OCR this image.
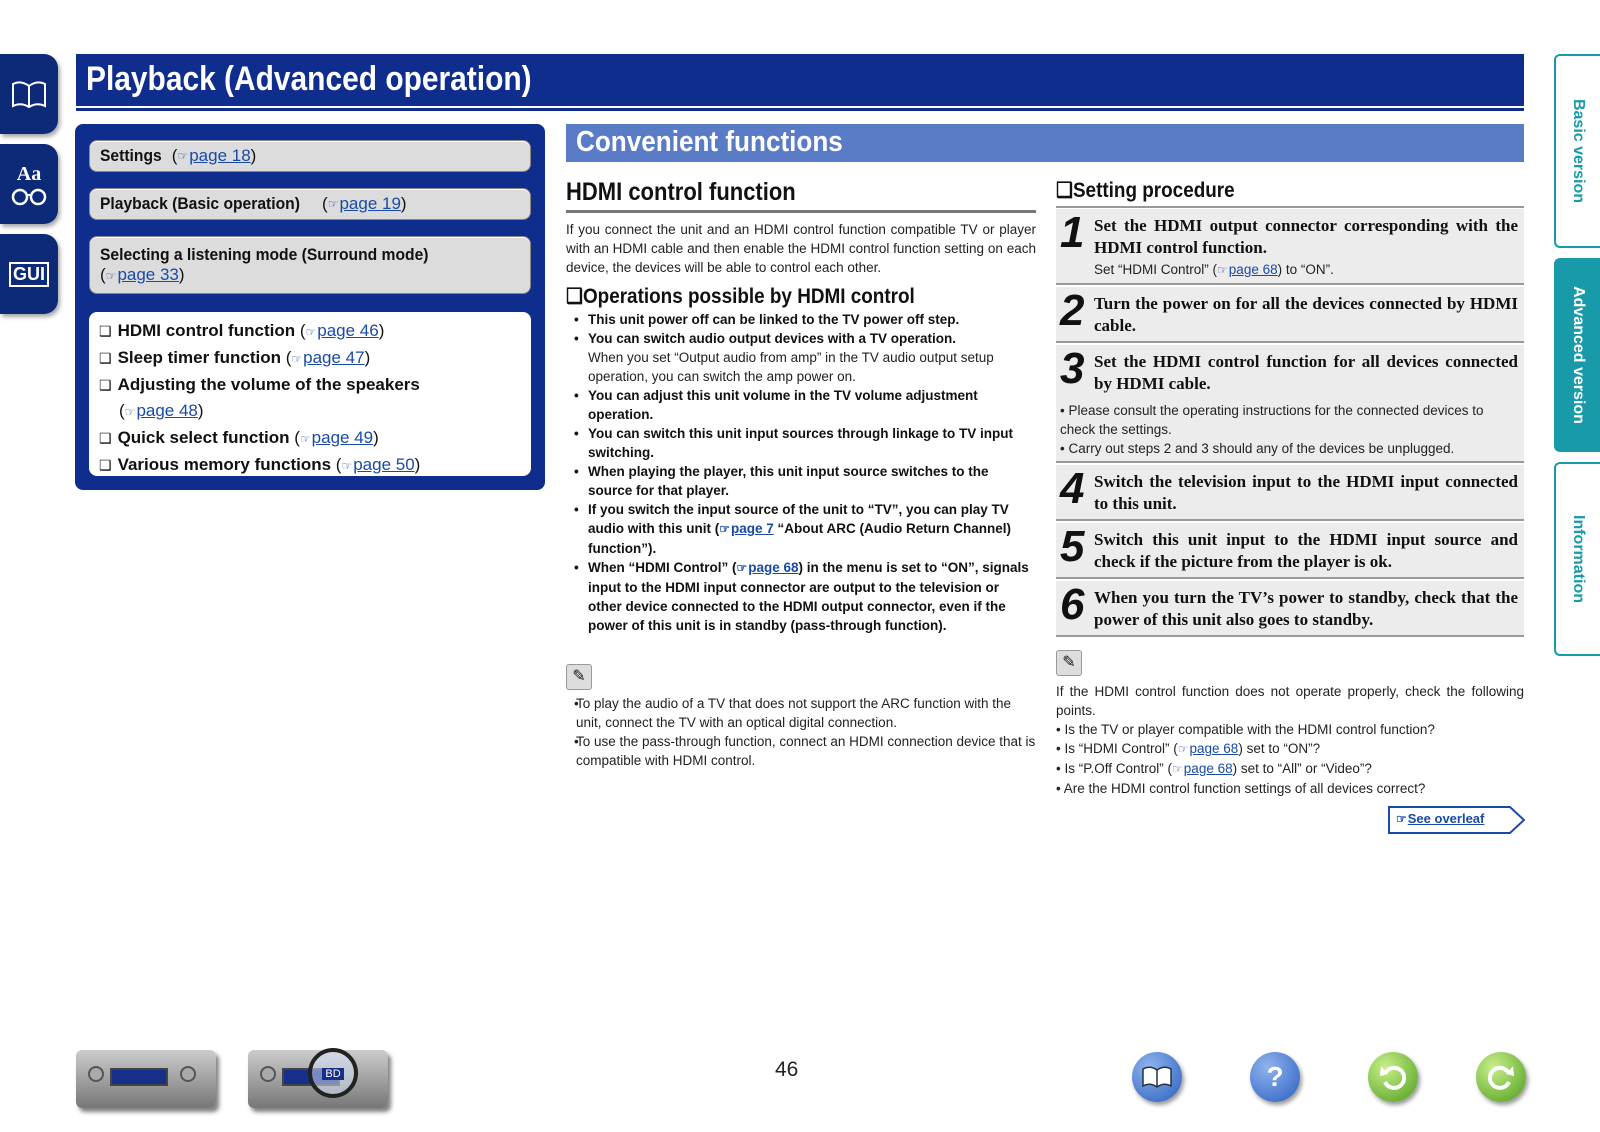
Aa
GUI
Playback (Advanced operation)
Settings ( ☞ page 18 )
Playback (Basic operation) ( ☞ page 19 )
Selecting a listening mode (Surround mode)
(☞page 33)
❑ HDMI control function (☞page 46)
❑ Sleep timer function (☞page 47)
❑ Adjusting the volume of the speakers
(☞page 48)
❑ Quick select function (☞page 49)
❑ Various memory functions (☞page 50)
Convenient functions
HDMI control function
If you connect the unit and an HDMI control function compatible TV or player with an HDMI cable and then enable the HDMI control function setting on each device, the devices will be able to control each other.
❑Operations possible by HDMI control
• This unit power off can be linked to the TV power off step.
• You can switch audio output devices with a TV operation.
When you set “Output audio from amp” in the TV audio output setup operation, you can switch the amp power on.
• You can adjust this unit volume in the TV volume adjustment operation.
• You can switch this unit input sources through linkage to TV input switching.
• When playing the player, this unit input source switches to the source for that player.
• If you switch the input source of the unit to “TV”, you can play TV audio with this unit (☞page 7 “About ARC (Audio Return Channel) function”).
• When “HDMI Control” (☞page 68) in the menu is set to “ON”, signals input to the HDMI input connector are output to the television or other device connected to the HDMI output connector, even if the power of this unit is in standby (pass-through function).
✎
• To play the audio of a TV that does not support the ARC function with the unit, connect the TV with an optical digital connection.
• To use the pass-through function, connect an HDMI connection device that is compatible with HDMI control.
❑Setting procedure
1 Set the HDMI output connector corresponding with the HDMI control function.
Set “HDMI Control” (☞page 68) to “ON”.
2 Turn the power on for all the devices connected by HDMI cable.
3 Set the HDMI control function for all devices connected by HDMI cable.
• Please consult the operating instructions for the connected devices to check the settings.
• Carry out steps 2 and 3 should any of the devices be unplugged.
4 Switch the television input to the HDMI input connected to this unit.
5 Switch this unit input to the HDMI input source and check if the picture from the player is ok.
6 When you turn the TV’s power to standby, check that the power of this unit also goes to standby.
✎
If the HDMI control function does not operate properly, check the following points.
• Is the TV or player compatible with the HDMI control function?
• Is “HDMI Control” (☞page 68) set to “ON”?
• Is “P.Off Control” (☞page 68) set to “All” or “Video”?
• Are the HDMI control function settings of all devices correct?
☞See overleaf
Basic version
Advanced version
Information
BD	46	?
